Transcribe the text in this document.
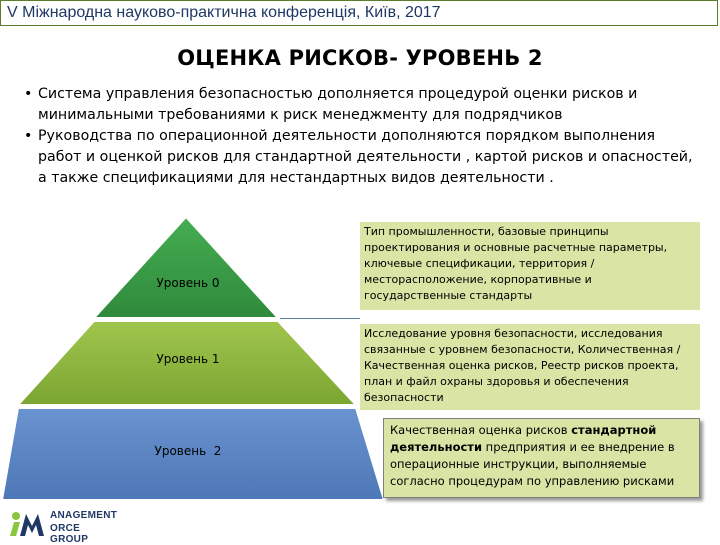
V Міжнародна науково-практична конференція, Київ, 2017
ОЦЕНКА РИСКОВ- УРОВЕНЬ 2
• Система управления безопасностью дополняется процедурой оценки рисков и минимальными требованиями к риск менеджменту для подрядчиков
• Руководства по операционной деятельности дополняются порядком выполнения работ и оценкой рисков для стандартной деятельности , картой рисков и опасностей, а также спецификациями для нестандартных видов деятельности .
Уровень 0
Уровень 1
Уровень  2
Тип промышленности, базовые принципы проектирования и основные расчетные параметры, ключевые спецификации, территория /месторасположение, корпоративные и государственные стандарты
Исследование уровня безопасности, исследования связанные с уровнем безопасности, Количественная /Качественная оценка рисков, Реестр рисков проекта, план и файл охраны здоровья и обеспечения безопасности
Качественная оценка рисков стандартной деятельности предприятия и ее внедрение в операционные инструкции, выполняемые согласно процедурам по управлению рисками
ANAGEMENT
ORCE GROUP
